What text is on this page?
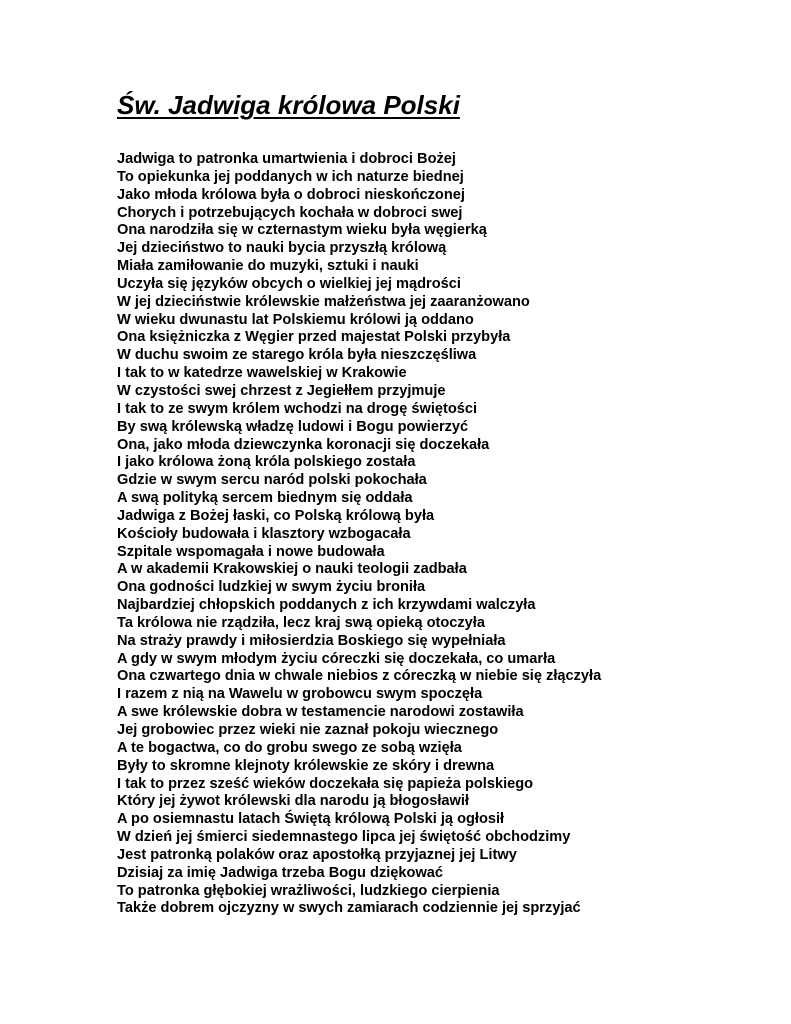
Św. Jadwiga królowa Polski
Jadwiga to patronka umartwienia i dobroci Bożej
To opiekunka jej poddanych w ich naturze biednej
Jako młoda królowa była o dobroci nieskończonej
Chorych i potrzebujących kochała w dobroci swej
Ona narodziła się w czternastym wieku była węgierką
Jej dzieciństwo to nauki bycia przyszłą królową
Miała zamiłowanie do muzyki, sztuki i nauki
Uczyła się języków obcych o wielkiej jej mądrości
W jej dzieciństwie królewskie małżeństwa jej zaaranżowano
W wieku dwunastu lat Polskiemu królowi ją oddano
Ona księżniczka z Węgier przed majestat Polski przybyła
W duchu swoim ze starego króla była nieszczęśliwa
I tak to w katedrze wawelskiej w Krakowie
W czystości swej chrzest z Jegiełłem przyjmuje
I tak to ze swym królem wchodzi na drogę świętości
By swą królewską władzę ludowi i Bogu powierzyć
Ona, jako młoda dziewczynka koronacji się doczekała
I jako królowa żoną króla polskiego została
Gdzie w swym sercu naród polski pokochała
A swą polityką sercem biednym się oddała
Jadwiga z Bożej łaski, co Polską królową była
Kościoły budowała i klasztory wzbogacała
Szpitale wspomagała i nowe budowała
A w akademii Krakowskiej o nauki teologii zadbała
Ona godności ludzkiej w swym życiu broniła
Najbardziej chłopskich poddanych z ich krzywdami walczyła
Ta królowa nie rządziła, lecz kraj swą opieką otoczyła
Na straży prawdy i miłosierdzia Boskiego się wypełniała
A gdy w swym młodym życiu córeczki się doczekała, co umarła
Ona czwartego dnia w chwale niebios z córeczką w niebie się złączyła
I razem z nią na Wawelu w grobowcu swym spoczęła
A swe królewskie dobra w testamencie narodowi zostawiła
Jej grobowiec przez wieki nie zaznał pokoju wiecznego
A te bogactwa, co do grobu swego ze sobą wzięła
Były to skromne klejnoty królewskie ze skóry i drewna
I tak to przez sześć wieków doczekała się papieża polskiego
Który jej żywot królewski dla narodu ją błogosławił
A po osiemnastu latach Świętą królową Polski ją ogłosił
W dzień jej śmierci siedemnastego lipca jej świętość obchodzimy
Jest patronką polaków oraz apostołką przyjaznej jej Litwy
Dzisiaj za imię Jadwiga trzeba Bogu dziękować
To patronka głębokiej wrażliwości, ludzkiego cierpienia
Także dobrem ojczyzny w swych zamiarach codziennie jej sprzyjać
